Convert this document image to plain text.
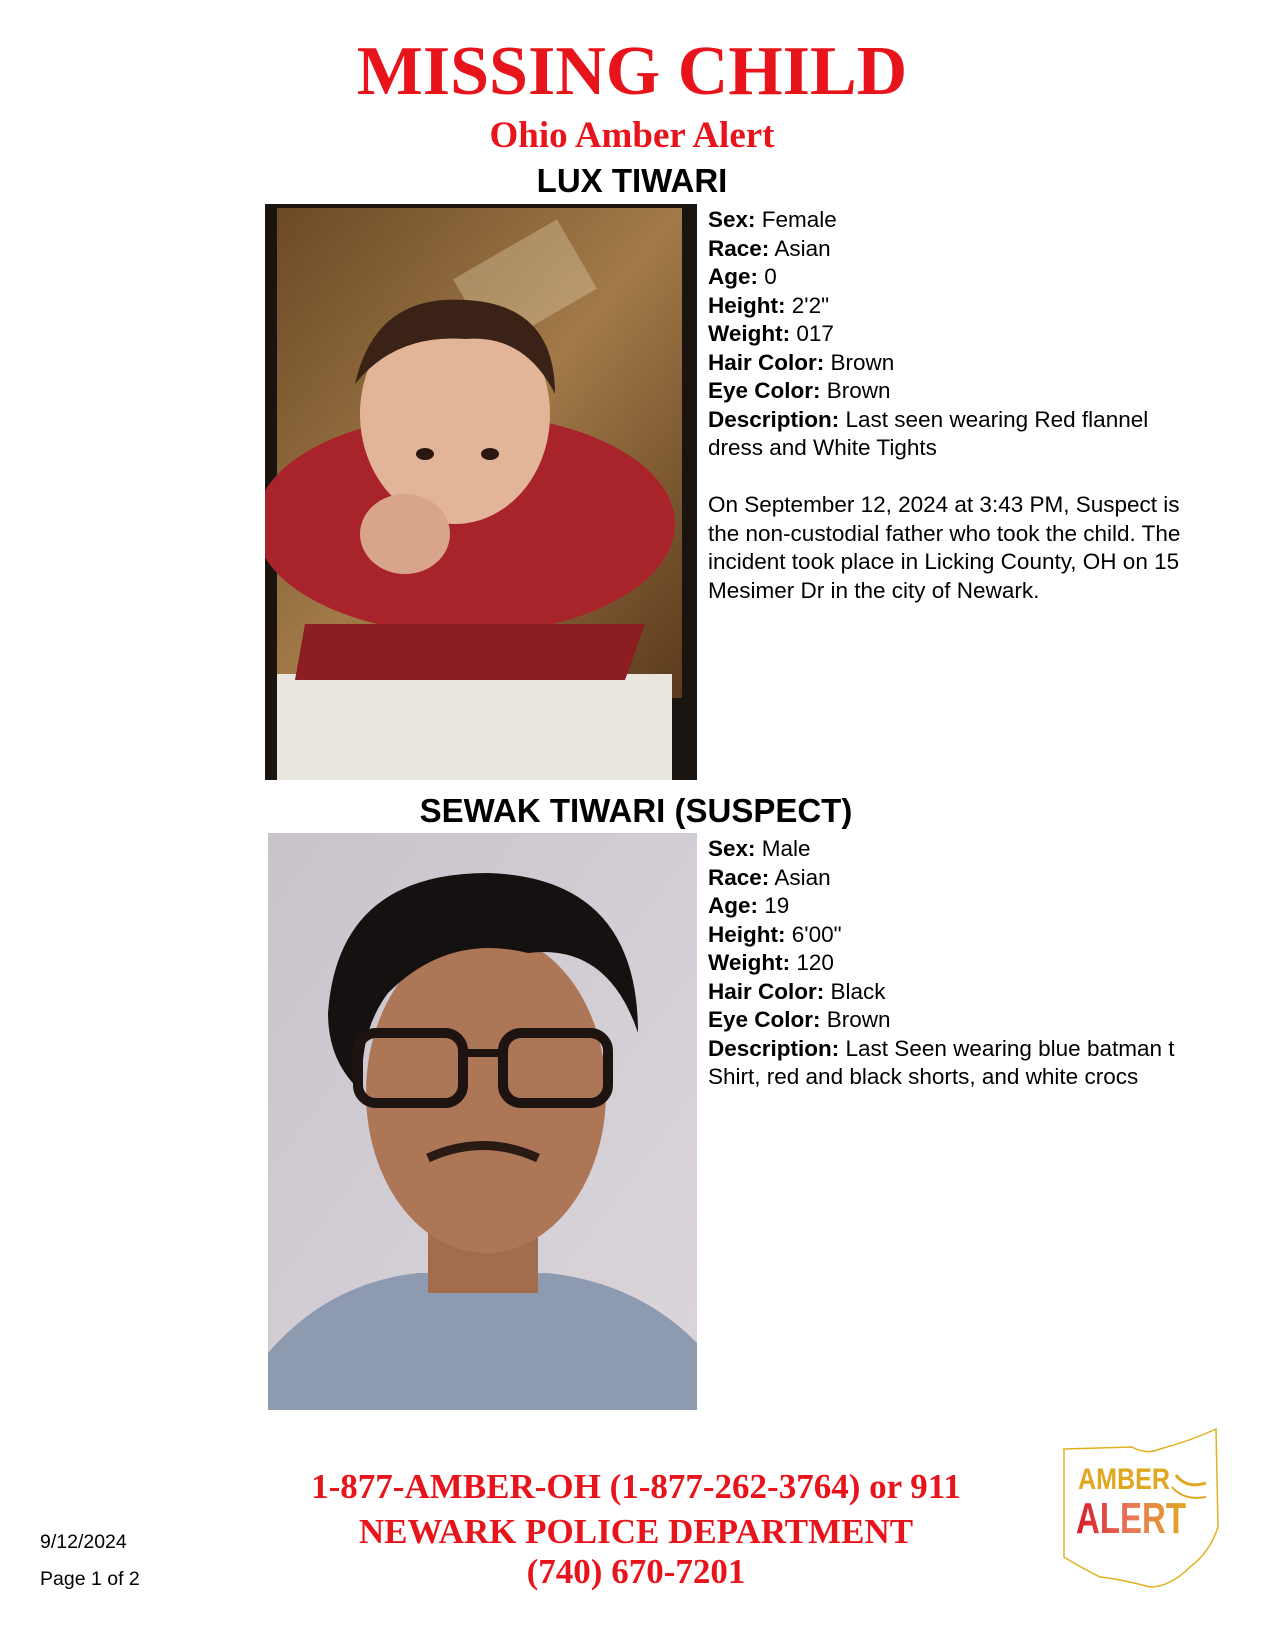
MISSING CHILD
Ohio Amber Alert
LUX TIWARI
Sex: Female
Race: Asian
Age: 0
Height: 2'2"
Weight: 017
Hair Color: Brown
Eye Color: Brown
Description: Last seen wearing Red flannel dress and White Tights
On September 12, 2024 at 3:43 PM, Suspect is the non-custodial father who took the child. The incident took place in Licking County, OH on 15 Mesimer Dr in the city of Newark.
SEWAK TIWARI (SUSPECT)
Sex: Male
Race: Asian
Age: 19
Height: 6'00"
Weight: 120
Hair Color: Black
Eye Color: Brown
Description: Last Seen wearing blue batman t Shirt, red and black shorts, and white crocs
1-877-AMBER-OH (1-877-262-3764) or 911
NEWARK POLICE DEPARTMENT
(740) 670-7201
9/12/2024
Page 1 of 2
AMBER
ALERT
